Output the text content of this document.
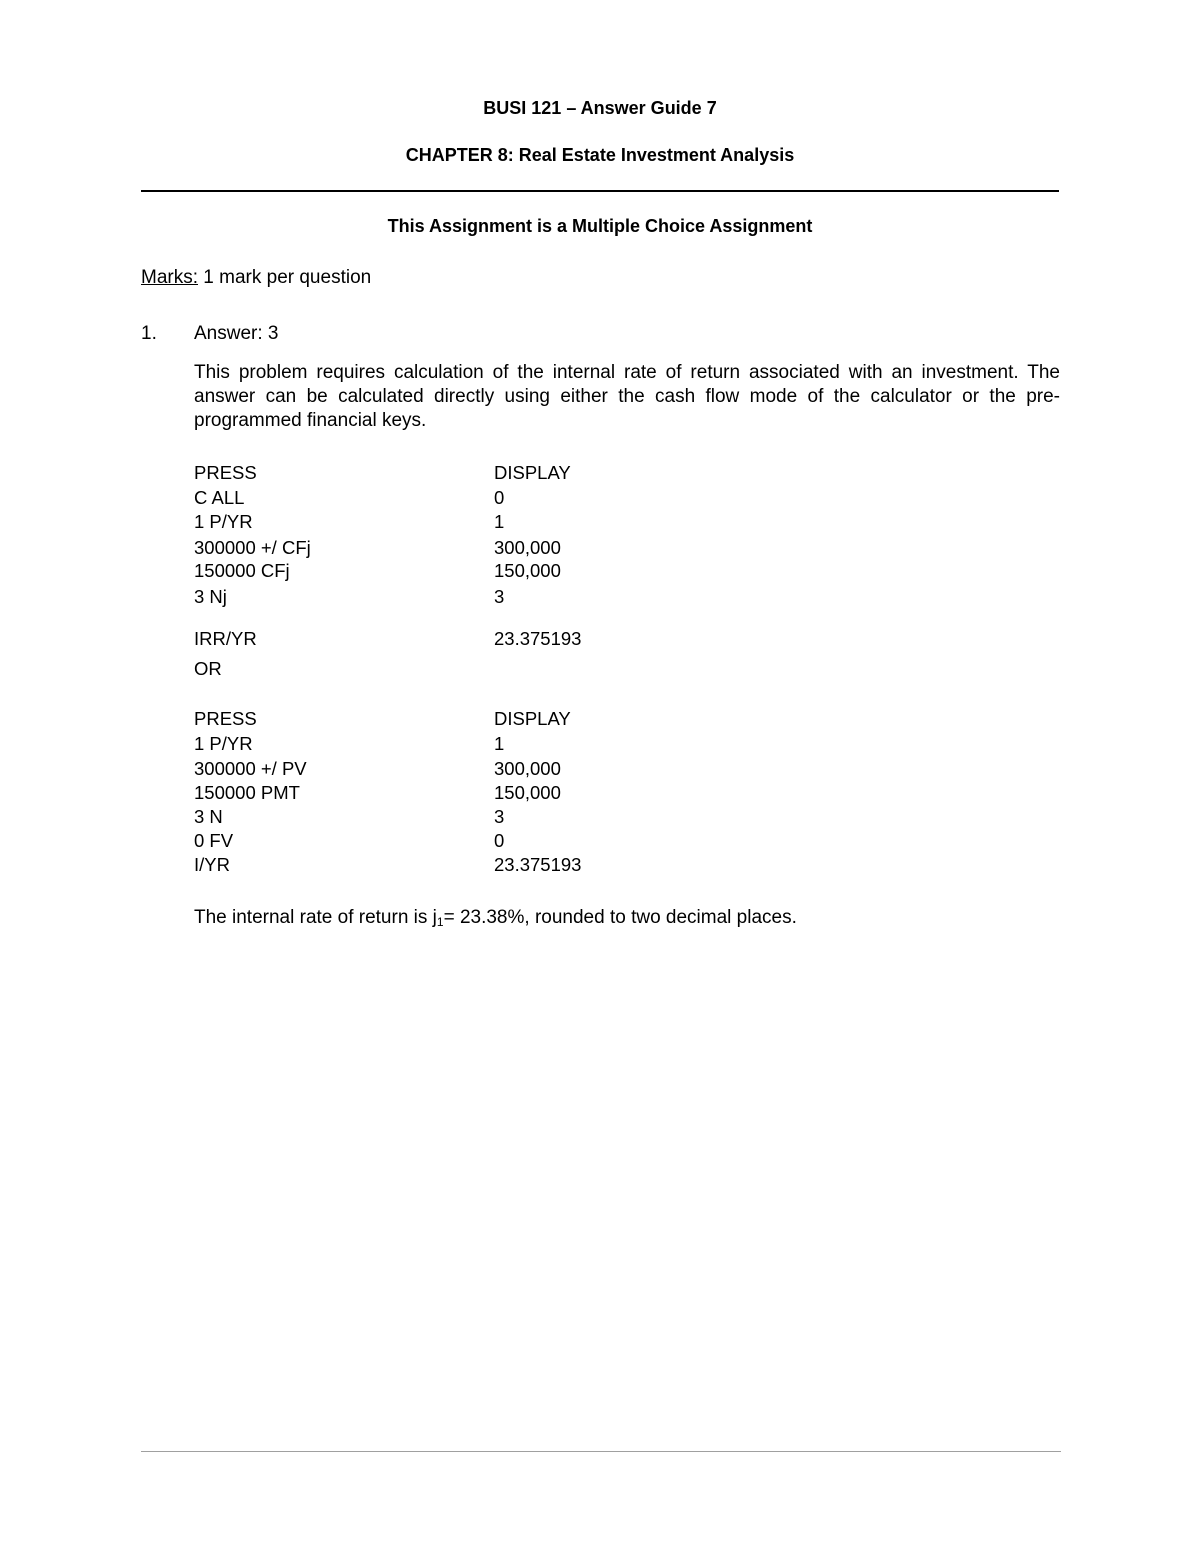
BUSI 121 – Answer Guide 7
CHAPTER 8: Real Estate Investment Analysis
This Assignment is a Multiple Choice Assignment
Marks: 1 mark per question
1. Answer: 3
This problem requires calculation of the internal rate of return associated with an investment. The answer can be calculated directly using either the cash flow mode of the calculator or the pre-programmed financial keys.
PRESS	DISPLAY
C ALL	0
1 P/YR	1
300000 +/ CFj	300,000
150000 CFj	150,000
3 Nj	3
IRR/YR	23.375193
OR
PRESS	DISPLAY
1 P/YR	1
300000 +/ PV	300,000
150000 PMT	150,000
3 N	3
0 FV	0
I/YR	23.375193
The internal rate of return is $j_1= 23.38\%$, rounded to two decimal places.
